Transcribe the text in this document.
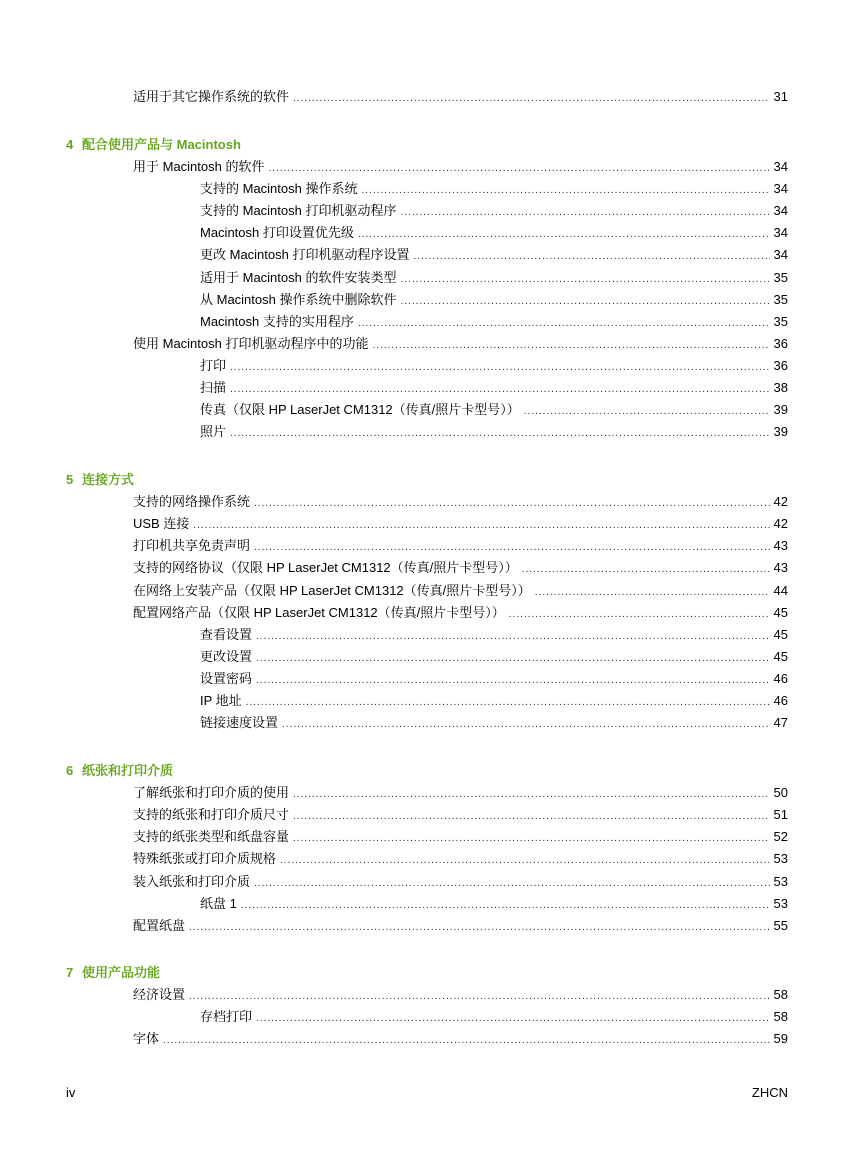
适用于其它操作系统的软件 .....	31
4 配合使用产品与 Macintosh
用于 Macintosh 的软件 .....	34
支持的 Macintosh 操作系统 .....	34
支持的 Macintosh 打印机驱动程序 .....	34
Macintosh 打印设置优先级 .....	34
更改 Macintosh 打印机驱动程序设置 .....	34
适用于 Macintosh 的软件安装类型 .....	35
从 Macintosh 操作系统中删除软件 .....	35
Macintosh 支持的实用程序 .....	35
使用 Macintosh 打印机驱动程序中的功能 .....	36
打印 .....	36
扫描 .....	38
传真（仅限 HP LaserJet CM1312（传真/照片卡型号）） .....	39
照片 .....	39
5 连接方式
支持的网络操作系统 .....	42
USB 连接 .....	42
打印机共享免责声明 .....	43
支持的网络协议（仅限 HP LaserJet CM1312（传真/照片卡型号）） .....	43
在网络上安装产品（仅限 HP LaserJet CM1312（传真/照片卡型号）） .....	44
配置网络产品（仅限 HP LaserJet CM1312（传真/照片卡型号）） .....	45
查看设置 .....	45
更改设置 .....	45
设置密码 .....	46
IP 地址 .....	46
链接速度设置 .....	47
6 纸张和打印介质
了解纸张和打印介质的使用 .....	50
支持的纸张和打印介质尺寸 .....	51
支持的纸张类型和纸盘容量 .....	52
特殊纸张或打印介质规格 .....	53
装入纸张和打印介质 .....	53
纸盘 1 .....	53
配置纸盘 .....	55
7 使用产品功能
经济设置 .....	58
存档打印 .....	58
字体 .....	59
iv	ZHCN
